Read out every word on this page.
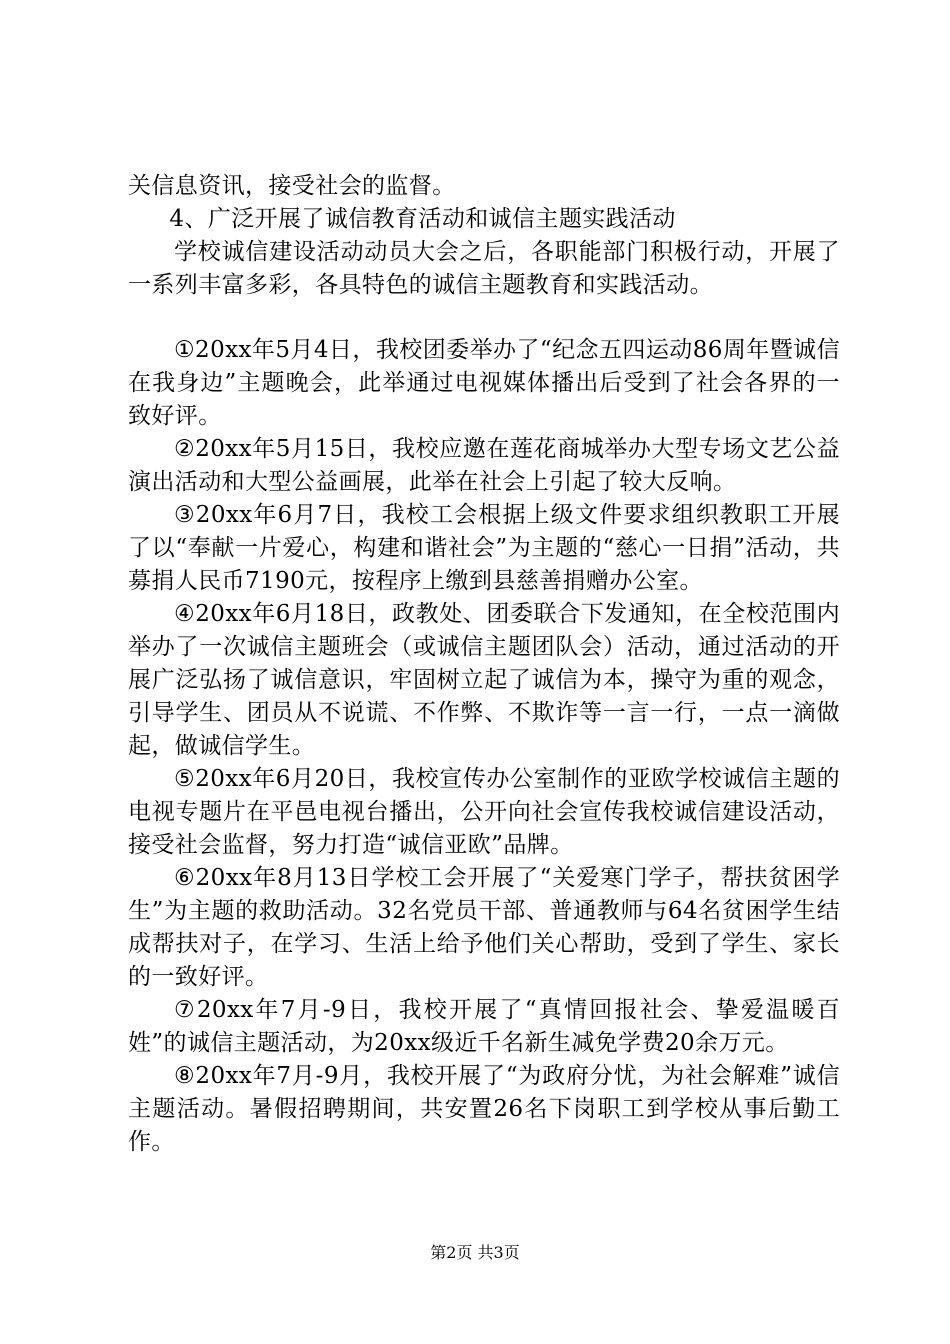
关信息资讯，接受社会的监督。

4、广泛开展了诚信教育活动和诚信主题实践活动

学校诚信建设活动动员大会之后，各职能部门积极行动，开展了一系列丰富多彩，各具特色的诚信主题教育和实践活动。

①20xx年5月4日，我校团委举办了“纪念五四运动86周年暨诚信在我身边”主题晚会，此举通过电视媒体播出后受到了社会各界的一致好评。

②20xx年5月15日，我校应邀在莲花商城举办大型专场文艺公益演出活动和大型公益画展，此举在社会上引起了较大反响。

③20xx年6月7日，我校工会根据上级文件要求组织教职工开展了以“奉献一片爱心，构建和谐社会”为主题的“慈心一日捐”活动，共募捐人民币7190元，按程序上缴到县慈善捐赠办公室。

④20xx年6月18日，政教处、团委联合下发通知，在全校范围内举办了一次诚信主题班会（或诚信主题团队会）活动，通过活动的开展广泛弘扬了诚信意识，牢固树立起了诚信为本，操守为重的观念，引导学生、团员从不说谎、不作弊、不欺诈等一言一行，一点一滴做起，做诚信学生。

⑤20xx年6月20日，我校宣传办公室制作的亚欧学校诚信主题的电视专题片在平邑电视台播出，公开向社会宣传我校诚信建设活动，接受社会监督，努力打造“诚信亚欧”品牌。

⑥20xx年8月13日学校工会开展了“关爱寒门学子，帮扶贫困学生”为主题的救助活动。32名党员干部、普通教师与64名贫困学生结成帮扶对子，在学习、生活上给予他们关心帮助，受到了学生、家长的一致好评。

⑦20xx年7月-9日，我校开展了“真情回报社会、挚爱温暖百姓”的诚信主题活动，为20xx级近千名新生减免学费20余万元。

⑧20xx年7月-9月，我校开展了“为政府分忧，为社会解难”诚信主题活动。暑假招聘期间，共安置26名下岗职工到学校从事后勤工作。

第2页 共3页
